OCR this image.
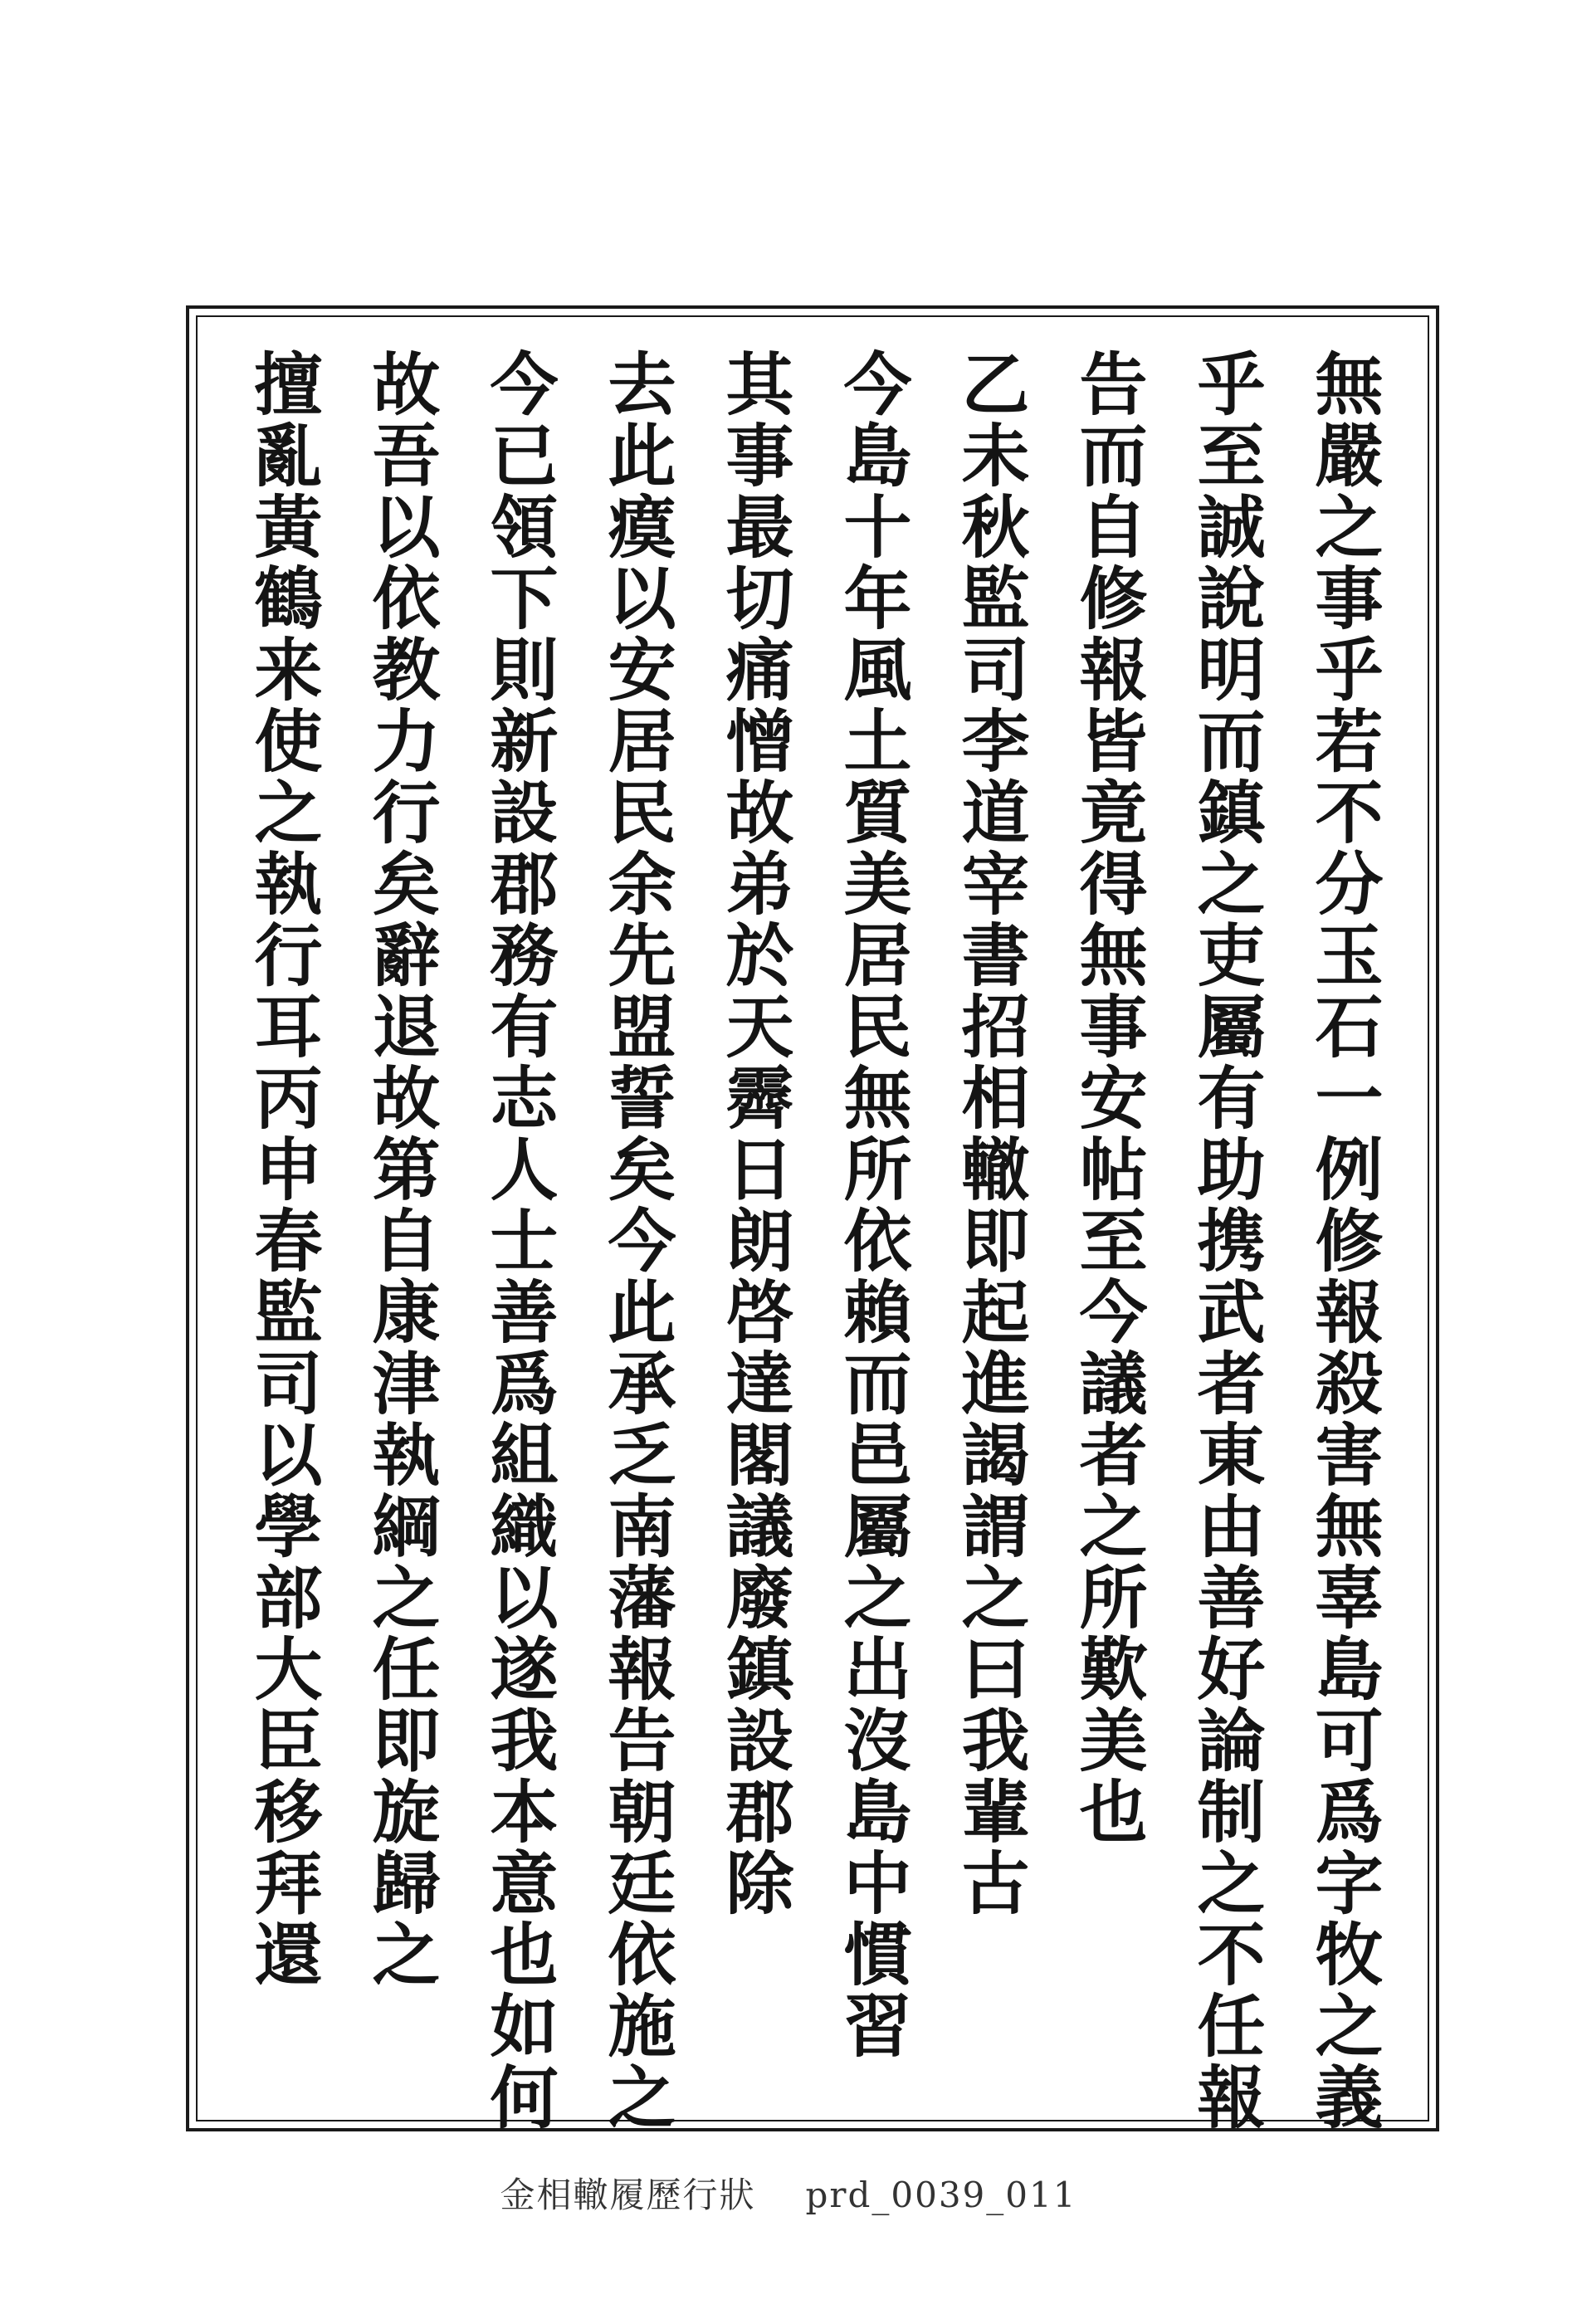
無嚴之事乎若不分玉石一例修報殺害無辜島可爲字牧之義
乎至誠說明而鎮之吏屬有助携武者東由善好論制之不任報
告而自修報皆竟得無事安帖至今議者之所歎美也
乙未秋監司李道宰書招相轍即起進謁謂之曰我輩古
今島十年風土質美居民無所依賴而邑屬之出沒島中慣習
其事最切痛憎故弟於天霽日朗啓達閣議廢鎮設郡除
去此瘼以安居民余先盟誓矣今此承乏南藩報告朝廷依施之
今已領下則新設郡務有志人士善爲組織以遂我本意也如何
故吾以依教力行矣辭退故第自康津執綱之任即旋歸之
擅亂黃鶴来使之執行耳丙申春監司以學部大臣移拜還
金相轍履歷行狀 prd_0039_011
